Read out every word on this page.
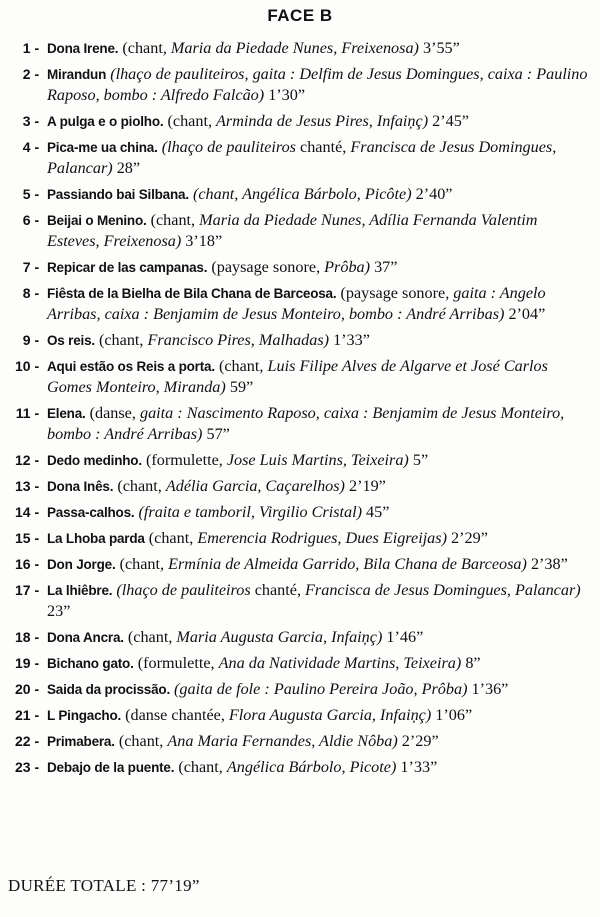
FACE B
1 - Dona Irene. (chant, Maria da Piedade Nunes, Freixenosa) 3’55”
2 - Mirandun (lhaço de pauliteiros, gaita : Delfim de Jesus Domingues, caixa : Paulino Raposo, bombo : Alfredo Falcão) 1’30”
3 - A pulga e o piolho. (chant, Arminda de Jesus Pires, Infaiņç) 2’45”
4 - Pica-me ua china. (lhaço de pauliteiros chanté, Francisca de Jesus Domingues, Palancar) 28”
5 - Passiando bai Silbana. (chant, Angélica Bárbolo, Picôte) 2’40”
6 - Beijai o Menino. (chant, Maria da Piedade Nunes, Adília Fernanda Valentim Esteves, Freixenosa) 3’18”
7 - Repicar de las campanas. (paysage sonore, Prôba) 37”
8 - Fiêsta de la Bielha de Bila Chana de Barceosa. (paysage sonore, gaita : Angelo Arribas, caixa : Benjamim de Jesus Monteiro, bombo : André Arribas) 2’04”
9 - Os reis. (chant, Francisco Pires, Malhadas) 1’33”
10 - Aqui estão os Reis a porta. (chant, Luis Filipe Alves de Algarve et José Carlos Gomes Monteiro, Miranda) 59”
11 - Elena. (danse, gaita : Nascimento Raposo, caixa : Benjamim de Jesus Monteiro, bombo : André Arribas) 57”
12 - Dedo medinho. (formulette, Jose Luis Martins, Teixeira) 5”
13 - Dona Inês. (chant, Adélia Garcia, Caçarelhos) 2’19”
14 - Passa-calhos. (fraita e tamboril, Virgilio Cristal) 45”
15 - La Lhoba parda (chant, Emerencia Rodrigues, Dues Eigreijas) 2’29”
16 - Don Jorge. (chant, Ermínia de Almeida Garrido, Bila Chana de Barceosa) 2’38”
17 - La lhiêbre. (lhaço de pauliteiros chanté, Francisca de Jesus Domingues, Palancar) 23”
18 - Dona Ancra. (chant, Maria Augusta Garcia, Infaiņç) 1’46”
19 - Bichano gato. (formulette, Ana da Natividade Martins, Teixeira) 8”
20 - Saida da procissão. (gaita de fole : Paulino Pereira João, Prôba) 1’36”
21 - L Pingacho. (danse chantée, Flora Augusta Garcia, Infaiņç) 1’06”
22 - Primabera. (chant, Ana Maria Fernandes, Aldie Nôba) 2’29”
23 - Debajo de la puente. (chant, Angélica Bárbolo, Picote) 1’33”
DURÉE TOTALE : 77’19”
